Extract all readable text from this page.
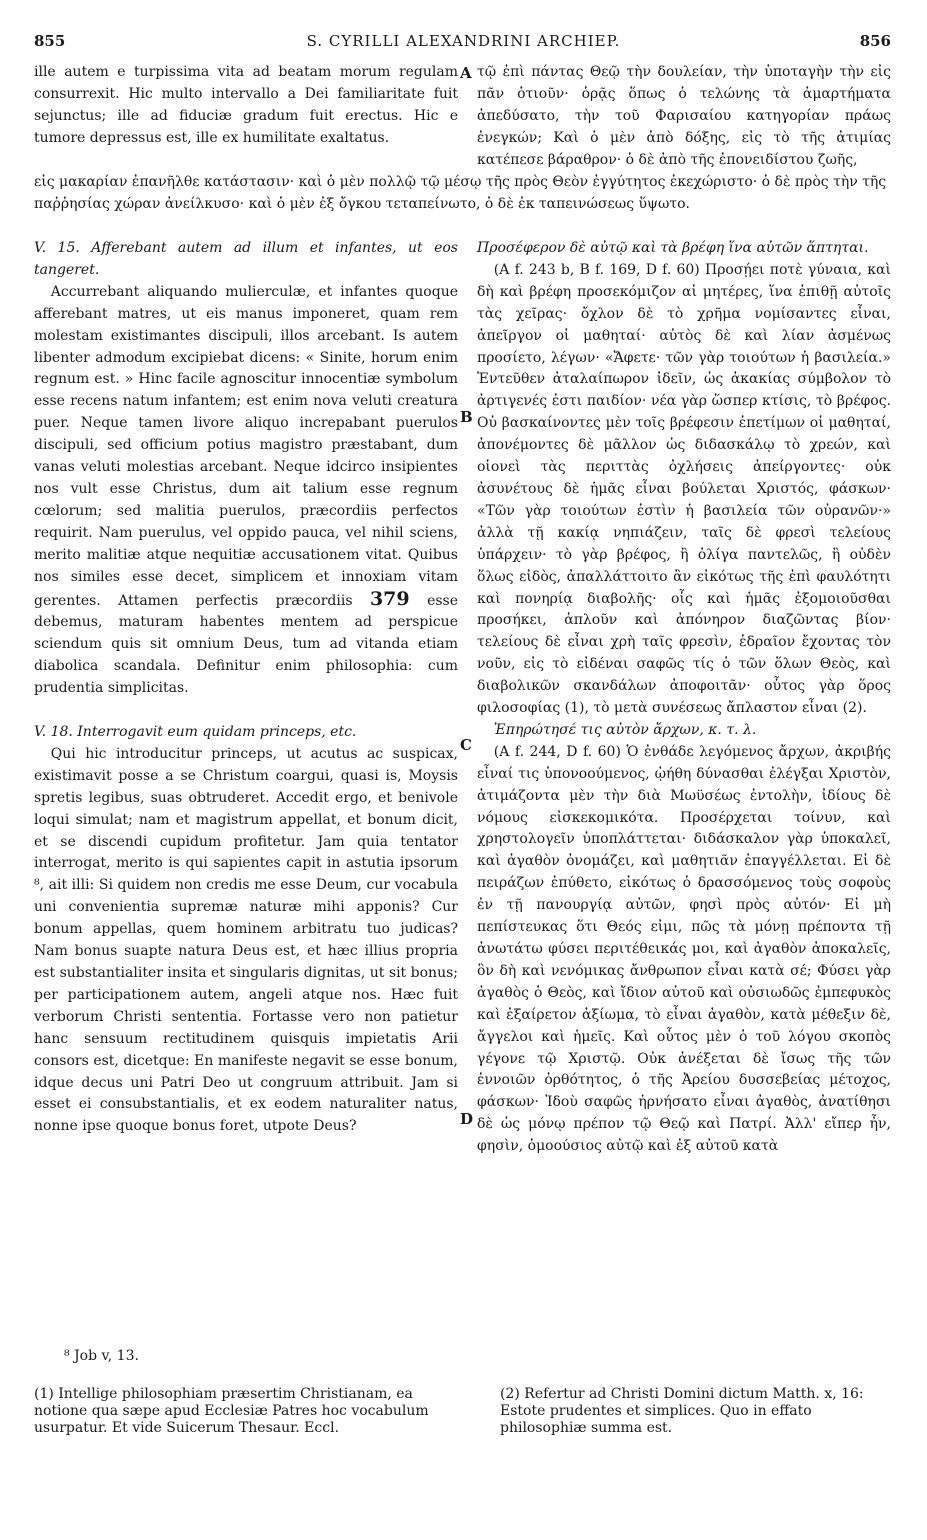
855	S. CYRILLI ALEXANDRINI ARCHIEP.	856
A
B
C
D

ille autem e turpissima vita ad beatam morum regulam consurrexit. Hic multo intervallo a Dei familiaritate fuit sejunctus; ille ad fiduciæ gradum fuit erectus. Hic e tumore depressus est, ille ex humilitate exaltatus.

τῷ ἐπὶ πάντας Θεῷ τὴν δουλείαν, τὴν ὑποταγὴν τὴν εἰς πᾶν ὁτιοῦν· ὁρᾷς ὅπως ὁ τελώνης τὰ ἁμαρτήματα ἀπεδύσατο, τὴν τοῦ Φαρισαίου κατηγορίαν πράως ἐνεγκών; Καὶ ὁ μὲν ἀπὸ δόξης, εἰς τὸ τῆς ἀτιμίας κατέπεσε βάραθρον· ὁ δὲ ἀπὸ τῆς ἐπονειδίστου ζωῆς,

εἰς μακαρίαν ἐπανῆλθε κατάστασιν· καὶ ὁ μὲν πολλῷ τῷ μέσῳ τῆς πρὸς Θεὸν ἐγγύτητος ἐκεχώριστο· ὁ δὲ πρὸς τὴν τῆς παῤῥησίας χώραν ἀνείλκυσο· καὶ ὁ μὲν ἐξ ὄγκου τεταπείνωτο, ὁ δὲ ἐκ ταπεινώσεως ὕψωτο.

V. 15. Afferebant autem ad illum et infantes, ut eos tangeret.

Accurrebant aliquando mulierculæ, et infantes quoque afferebant matres, ut eis manus imponeret, quam rem molestam existimantes discipuli, illos arcebant. Is autem libenter admodum excipiebat dicens: « Sinite, horum enim regnum est. » Hinc facile agnoscitur innocentiæ symbolum esse recens natum infantem; est enim nova veluti creatura puer. Neque tamen livore aliquo increpabant puerulos discipuli, sed officium potius magistro præstabant, dum vanas veluti molestias arcebant. Neque idcirco insipientes nos vult esse Christus, dum ait talium esse regnum cœlorum; sed malitia puerulos, præcordiis perfectos requirit. Nam puerulus, vel oppido pauca, vel nihil sciens, merito malitiæ atque nequitiæ accusationem vitat. Quibus nos similes esse decet, simplicem et innoxiam vitam gerentes. Attamen perfectis præcordiis 379 esse debemus, maturam habentes mentem ad perspicue sciendum quis sit omnium Deus, tum ad vitanda etiam diabolica scandala. Definitur enim philosophia: cum prudentia simplicitas.

V. 18. Interrogavit eum quidam princeps, etc.

Qui hic introducitur princeps, ut acutus ac suspicax, existimavit posse a se Christum coargui, quasi is, Moysis spretis legibus, suas obtruderet. Accedit ergo, et benivole loqui simulat; nam et magistrum appellat, et bonum dicit, et se discendi cupidum profitetur. Jam quia tentator interrogat, merito is qui sapientes capit in astutia ipsorum ⁸, ait illi: Si quidem non credis me esse Deum, cur vocabula uni convenientia supremæ naturæ mihi apponis? Cur bonum appellas, quem hominem arbitratu tuo judicas? Nam bonus suapte natura Deus est, et hæc illius propria est substantialiter insita et singularis dignitas, ut sit bonus; per participationem autem, angeli atque nos. Hæc fuit verborum Christi sententia. Fortasse vero non patietur hanc sensuum rectitudinem quisquis impietatis Arii consors est, dicetque: En manifeste negavit se esse bonum, idque decus uni Patri Deo ut congruum attribuit. Jam si esset ei consubstantialis, et ex eodem naturaliter natus, nonne ipse quoque bonus foret, utpote Deus?

Προσέφερον δὲ αὐτῷ καὶ τὰ βρέφη ἵνα αὐτῶν ἅπτηται.

(A f. 243 b, B f. 169, D f. 60) Προσῄει ποτὲ γύναια, καὶ δὴ καὶ βρέφη προσεκόμιζον αἱ μητέρες, ἵνα ἐπιθῇ αὐτοῖς τὰς χεῖρας· ὄχλον δὲ τὸ χρῆμα νομίσαντες εἶναι, ἀπεῖργον οἱ μαθηταί· αὐτὸς δὲ καὶ λίαν ἀσμένως προσίετο, λέγων· «Ἄφετε· τῶν γὰρ τοιούτων ἡ βασιλεία.» Ἐντεῦθεν ἀταλαίπωρον ἰδεῖν, ὡς ἀκακίας σύμβολον τὸ ἀρτιγενές ἐστι παιδίον· νέα γὰρ ὥσπερ κτίσις, τὸ βρέφος. Οὐ βασκαίνοντες μὲν τοῖς βρέφεσιν ἐπετίμων οἱ μαθηταί, ἀπονέμοντες δὲ μᾶλλον ὡς διδασκάλῳ τὸ χρεών, καὶ οἱονεὶ τὰς περιττὰς ὀχλήσεις ἀπείργοντες· οὐκ ἀσυνέτους δὲ ἡμᾶς εἶναι βούλεται Χριστός, φάσκων· «Τῶν γὰρ τοιούτων ἐστὶν ἡ βασιλεία τῶν οὐρανῶν·» ἀλλὰ τῇ κακίᾳ νηπιάζειν, ταῖς δὲ φρεσὶ τελείους ὑπάρχειν· τὸ γὰρ βρέφος, ἢ ὀλίγα παντελῶς, ἢ οὐδὲν ὅλως εἰδὸς, ἀπαλλάττοιτο ἂν εἰκότως τῆς ἐπὶ φαυλότητι καὶ πονηρίᾳ διαβολῆς· οἷς καὶ ἡμᾶς ἐξομοιοῦσθαι προσήκει, ἁπλοῦν καὶ ἀπόνηρον διαζῶντας βίον· τελείους δὲ εἶναι χρὴ ταῖς φρεσὶν, ἑδραῖον ἔχοντας τὸν νοῦν, εἰς τὸ εἰδέναι σαφῶς τίς ὁ τῶν ὅλων Θεὸς, καὶ διαβολικῶν σκανδάλων ἀποφοιτᾶν· οὗτος γὰρ ὅρος φιλοσοφίας (1), τὸ μετὰ συνέσεως ἄπλαστον εἶναι (2).

Ἐπηρώτησέ τις αὐτὸν ἄρχων, κ. τ. λ.

(A f. 244, D f. 60) Ὁ ἐνθάδε λεγόμενος ἄρχων, ἀκριβής εἶναί τις ὑπονοούμενος, ᾠήθη δύνασθαι ἐλέγξαι Χριστὸν, ἀτιμάζοντα μὲν τὴν διὰ Μωϋσέως ἐντολὴν, ἰδίους δὲ νόμους εἰσκεκομικότα. Προσέρχεται τοίνυν, καὶ χρηστολογεῖν ὑποπλάττεται· διδάσκαλον γὰρ ὑποκαλεῖ, καὶ ἀγαθὸν ὀνομάζει, καὶ μαθητιᾶν ἐπαγγέλλεται. Εἰ δὲ πειράζων ἐπύθετο, εἰκότως ὁ δρασσόμενος τοὺς σοφοὺς ἐν τῇ πανουργίᾳ αὐτῶν, φησὶ πρὸς αὐτόν· Εἰ μὴ πεπίστευκας ὅτι Θεός εἰμι, πῶς τὰ μόνῃ πρέποντα τῇ ἀνωτάτω φύσει περιτέθεικάς μοι, καὶ ἀγαθὸν ἀποκαλεῖς, ὃν δὴ καὶ νενόμικας ἄνθρωπον εἶναι κατὰ σέ; Φύσει γὰρ ἀγαθὸς ὁ Θεὸς, καὶ ἴδιον αὐτοῦ καὶ οὐσιωδῶς ἐμπεφυκὸς καὶ ἐξαίρετον ἀξίωμα, τὸ εἶναι ἀγαθὸν, κατὰ μέθεξιν δὲ, ἄγγελοι καὶ ἡμεῖς. Καὶ οὗτος μὲν ὁ τοῦ λόγου σκοπὸς γέγονε τῷ Χριστῷ. Οὐκ ἀνέξεται δὲ ἴσως τῆς τῶν ἐννοιῶν ὀρθότητος, ὁ τῆς Ἀρείου δυσσεβείας μέτοχος, φάσκων· Ἰδοὺ σαφῶς ἠρνήσατο εἶναι ἀγαθὸς, ἀνατίθησι δὲ ὡς μόνῳ πρέπον τῷ Θεῷ καὶ Πατρί. Ἀλλ' εἴπερ ἦν, φησὶν, ὁμοούσιος αὐτῷ καὶ ἐξ αὐτοῦ κατὰ

⁸ Job v, 13.
(1) Intellige philosophiam præsertim Christianam, ea notione qua sæpe apud Ecclesiæ Patres hoc vocabulum usurpatur. Et vide Suicerum Thesaur. Eccl.
(2) Refertur ad Christi Domini dictum Matth. x, 16: Estote prudentes et simplices. Quo in effato philosophiæ summa est.
